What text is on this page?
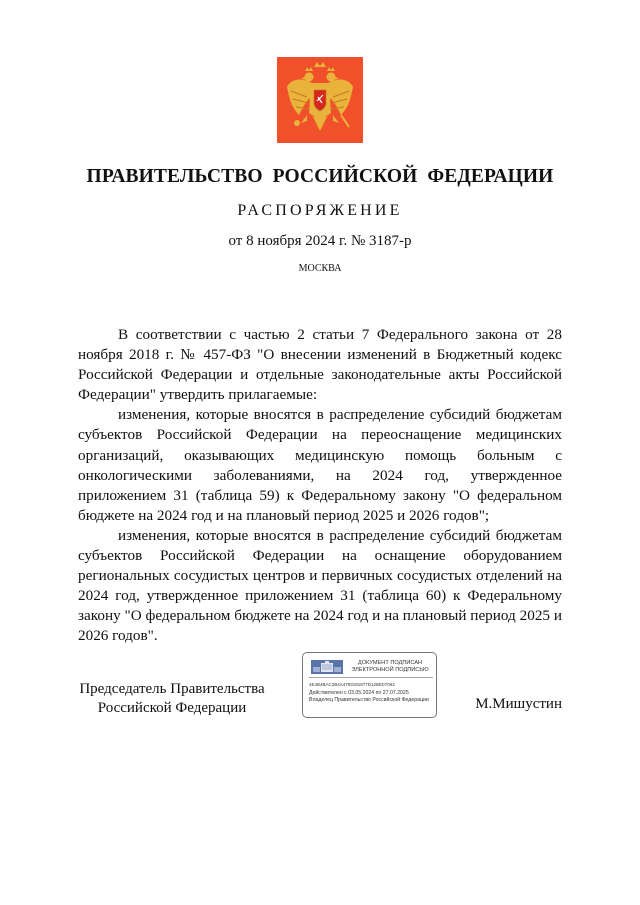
ПРАВИТЕЛЬСТВО РОССИЙСКОЙ ФЕДЕРАЦИИ
РАСПОРЯЖЕНИЕ
от 8 ноября 2024 г. № 3187-р
МОСКВА

В соответствии с частью 2 статьи 7 Федерального закона от 28 ноября 2018 г. № 457-ФЗ "О внесении изменений в Бюджетный кодекс Российской Федерации и отдельные законодательные акты Российской Федерации" утвердить прилагаемые:

изменения, которые вносятся в распределение субсидий бюджетам субъектов Российской Федерации на переоснащение медицинских организаций, оказывающих медицинскую помощь больным с онкологическими заболеваниями, на 2024 год, утвержденное приложением 31 (таблица 59) к Федеральному закону "О федеральном бюджете на 2024 год и на плановый период 2025 и 2026 годов";

изменения, которые вносятся в распределение субсидий бюджетам субъектов Российской Федерации на оснащение оборудованием региональных сосудистых центров и первичных сосудистых отделений на 2024 год, утвержденное приложением 31 (таблица 60) к Федеральному закону "О федеральном бюджете на 2024 год и на плановый период 2025 и 2026 годов".

Председатель Правительства Российской Федерации
ДОКУМЕНТ ПОДПИСАН ЭЛЕКТРОННОЙ ПОДПИСЬЮ
4E4B4BAC2B4A4793191877D128ED7062
Действителен с 03.05.2024 по 27.07.2025
Владелец Правительство Российской Федерации	М.Мишустин
